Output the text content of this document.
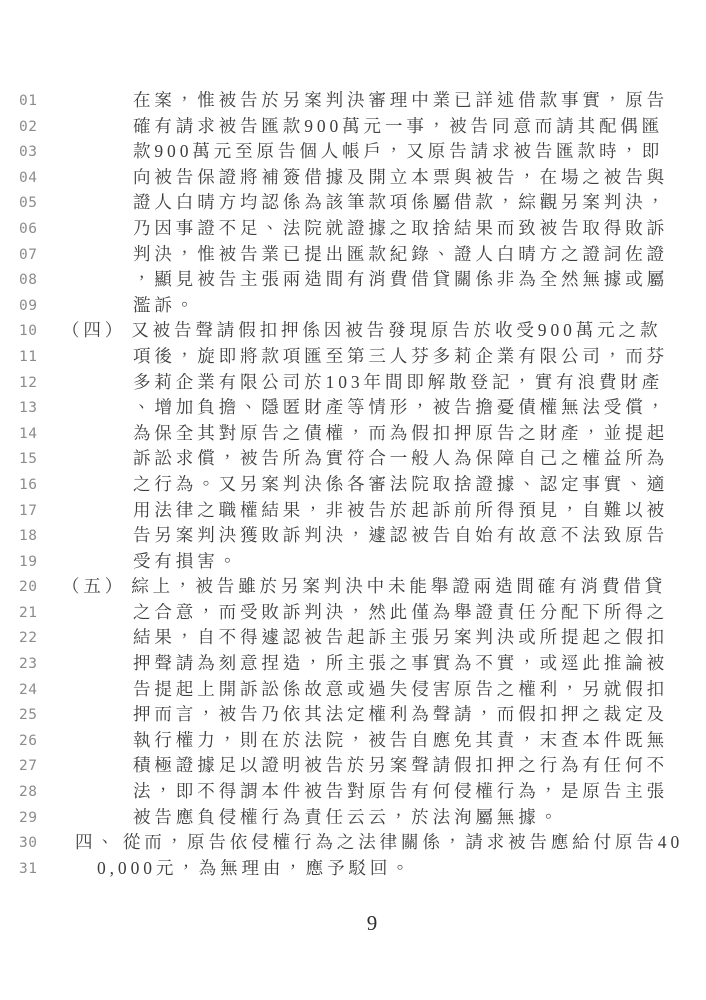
01	在案，惟被告於另案判決審理中業已詳述借款事實，原告
02	確有請求被告匯款900萬元一事，被告同意而請其配偶匯
03	款900萬元至原告個人帳戶，又原告請求被告匯款時，即
04	向被告保證將補簽借據及開立本票與被告，在場之被告與
05	證人白晴方均認係為該筆款項係屬借款，綜觀另案判決，
06	乃因事證不足、法院就證據之取捨結果而致被告取得敗訴
07	判決，惟被告業已提出匯款紀錄、證人白晴方之證詞佐證
08	，顯見被告主張兩造間有消費借貸關係非為全然無據或屬
09	濫訴。
10 （四） 又被告聲請假扣押係因被告發現原告於收受900萬元之款
11	項後，旋即將款項匯至第三人芬多莉企業有限公司，而芬
12	多莉企業有限公司於103年間即解散登記，實有浪費財產
13	、增加負擔、隱匿財產等情形，被告擔憂債權無法受償，
14	為保全其對原告之債權，而為假扣押原告之財產，並提起
15	訴訟求償，被告所為實符合一般人為保障自己之權益所為
16	之行為。又另案判決係各審法院取捨證據、認定事實、適
17	用法律之職權結果，非被告於起訴前所得預見，自難以被
18	告另案判決獲敗訴判決，遽認被告自始有故意不法致原告
19	受有損害。
20 （五） 綜上，被告雖於另案判決中未能舉證兩造間確有消費借貸
21	之合意，而受敗訴判決，然此僅為舉證責任分配下所得之
22	結果，自不得遽認被告起訴主張另案判決或所提起之假扣
23	押聲請為刻意捏造，所主張之事實為不實，或逕此推論被
24	告提起上開訴訟係故意或過失侵害原告之權利，另就假扣
25	押而言，被告乃依其法定權利為聲請，而假扣押之裁定及
26	執行權力，則在於法院，被告自應免其責，末查本件既無
27	積極證據足以證明被告於另案聲請假扣押之行為有任何不
28	法，即不得謂本件被告對原告有何侵權行為，是原告主張
29	被告應負侵權行為責任云云，於法洵屬無據。
30 四、 從而，原告依侵權行為之法律關係，請求被告應給付原告40
31	0,000元，為無理由，應予駁回。
9
